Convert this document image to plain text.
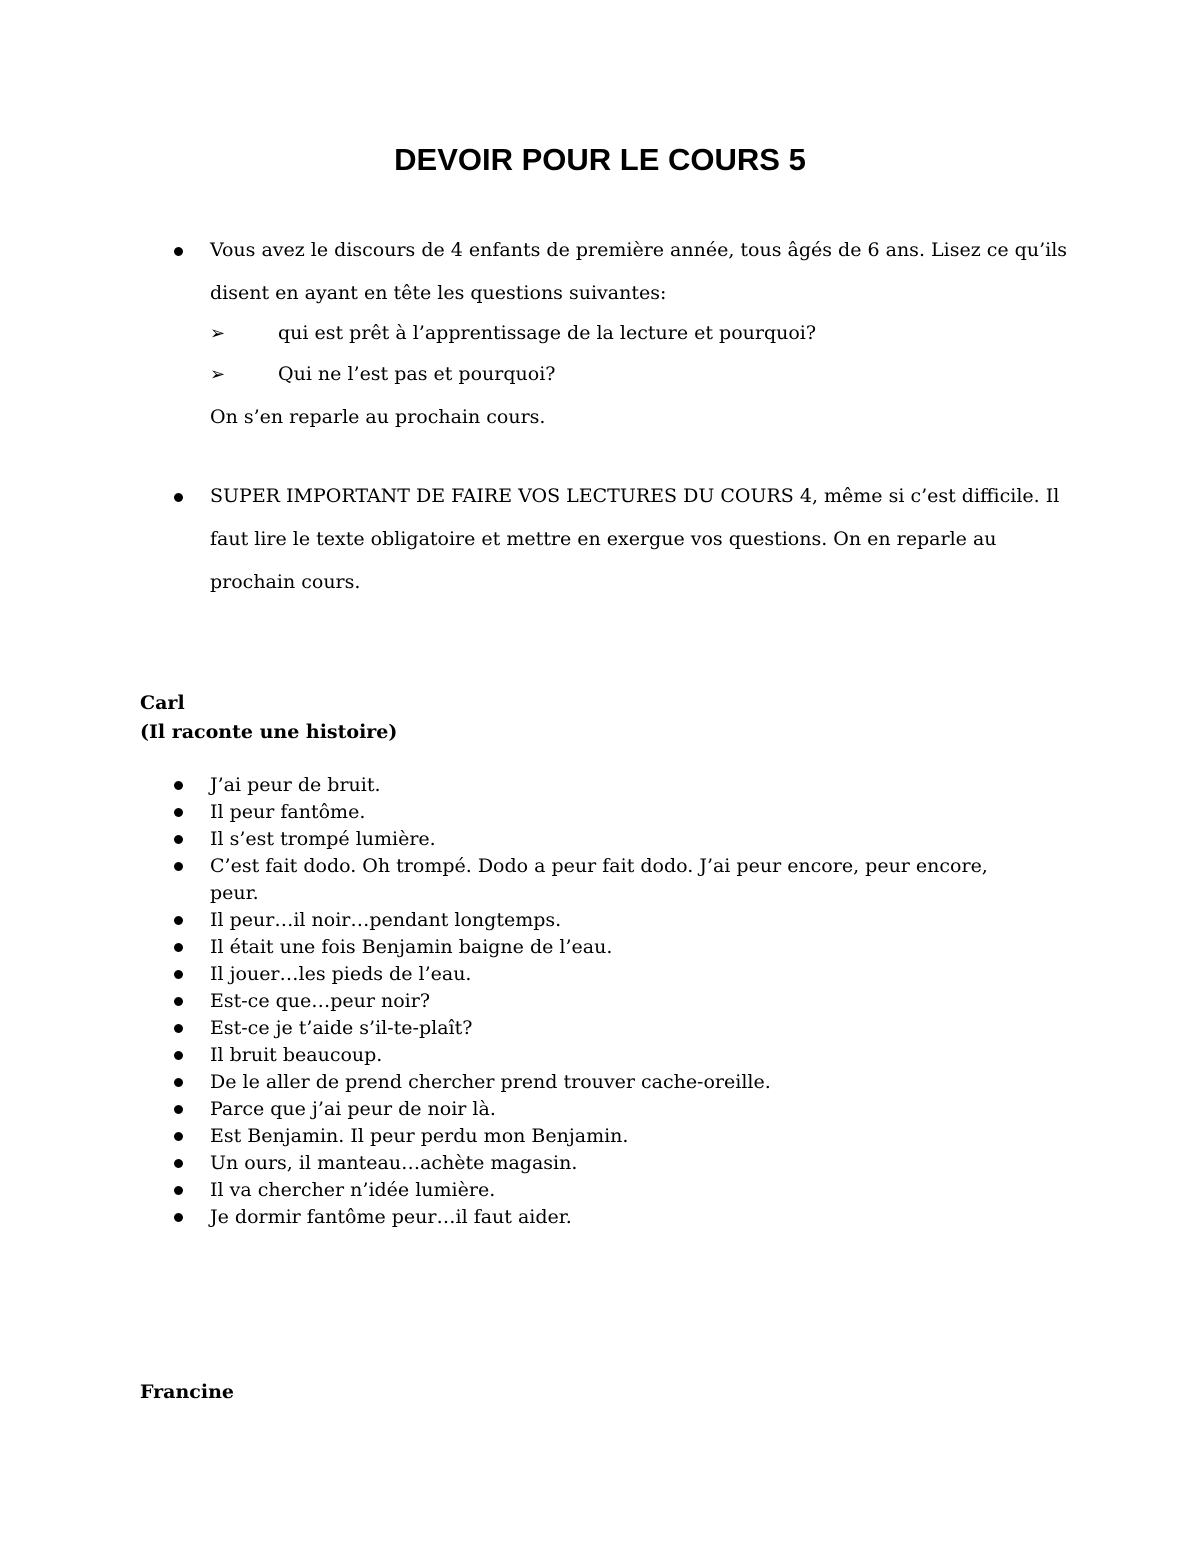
DEVOIR POUR LE COURS 5

Vous avez le discours de 4 enfants de première année, tous âgés de 6 ans. Lisez ce qu’ils disent en ayant en tête les questions suivantes:

➢	qui est prêt à l’apprentissage de la lecture et pourquoi?
➢	Qui ne l’est pas et pourquoi?
On s’en reparle au prochain cours.

SUPER IMPORTANT DE FAIRE VOS LECTURES DU COURS 4, même si c’est difficile. Il faut lire le texte obligatoire et mettre en exergue vos questions. On en reparle au prochain cours.

Carl
(Il raconte une histoire)
J’ai peur de bruit.
Il peur fantôme.
Il s’est trompé lumière.
C’est fait dodo. Oh trompé. Dodo a peur fait dodo. J’ai peur encore, peur encore, peur.
Il peur…il noir…pendant longtemps.
Il était une fois Benjamin baigne de l’eau.
Il jouer…les pieds de l’eau.
Est-ce que…peur noir?
Est-ce je t’aide s’il-te-plaît?
Il bruit beaucoup.
De le aller de prend chercher prend trouver cache-oreille.
Parce que j’ai peur de noir là.
Est Benjamin. Il peur perdu mon Benjamin.
Un ours, il manteau…achète magasin.
Il va chercher n’idée lumière.
Je dormir fantôme peur…il faut aider.
Francine
